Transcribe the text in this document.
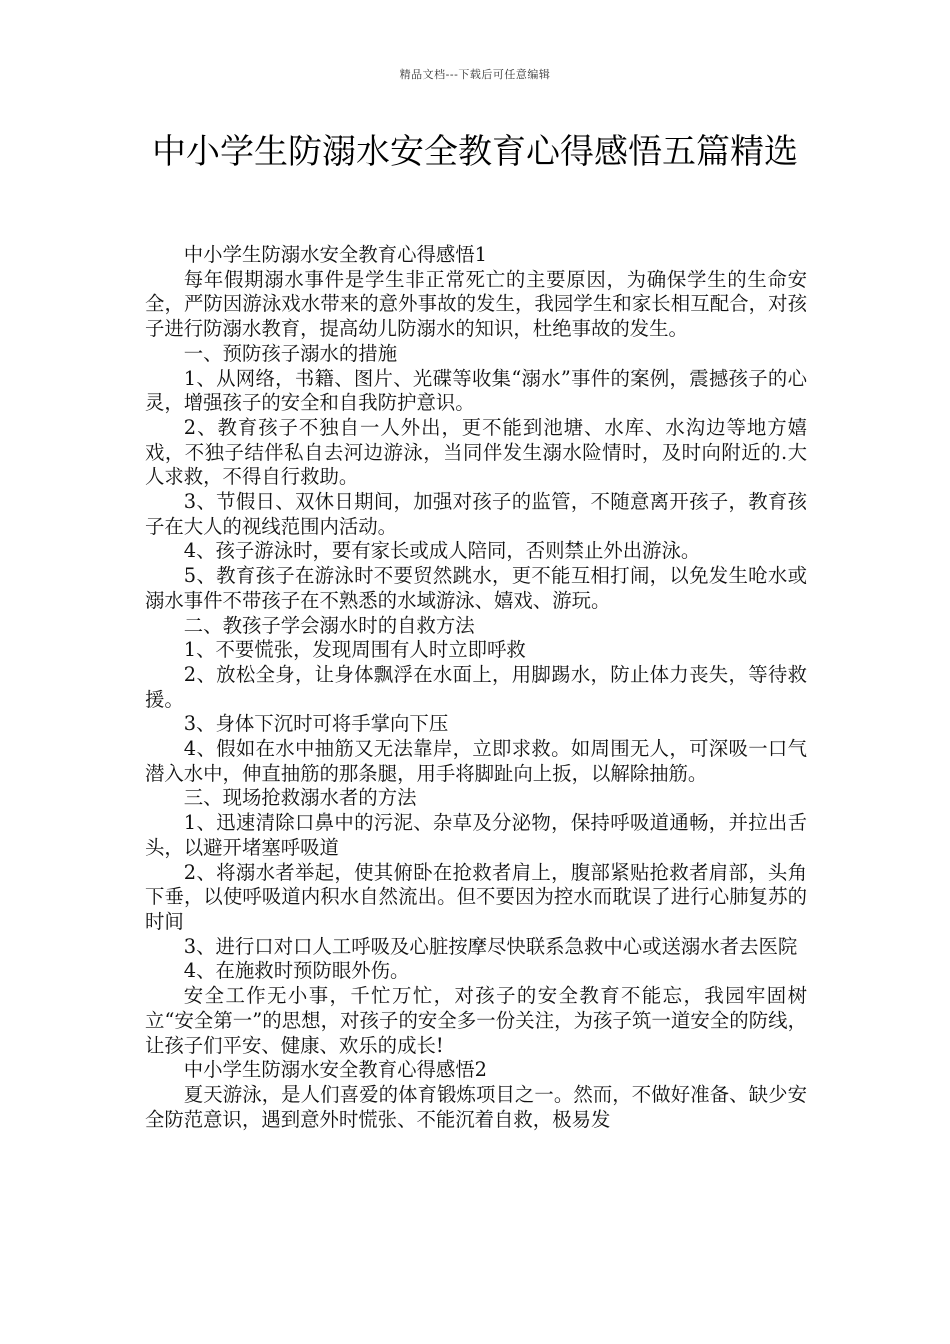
精品文档---下载后可任意编辑
中小学生防溺水安全教育心得感悟五篇精选

中小学生防溺水安全教育心得感悟1

每年假期溺水事件是学生非正常死亡的主要原因，为确保学生的生命安全，严防因游泳戏水带来的意外事故的发生，我园学生和家长相互配合，对孩子进行防溺水教育，提高幼儿防溺水的知识，杜绝事故的发生。

一、预防孩子溺水的措施

1、从网络，书籍、图片、光碟等收集“溺水”事件的案例，震撼孩子的心灵，增强孩子的安全和自我防护意识。

2、教育孩子不独自一人外出，更不能到池塘、水库、水沟边等地方嬉戏，不独子结伴私自去河边游泳，当同伴发生溺水险情时，及时向附近的.大人求救，不得自行救助。

3、节假日、双休日期间，加强对孩子的监管，不随意离开孩子，教育孩子在大人的视线范围内活动。

4、孩子游泳时，要有家长或成人陪同，否则禁止外出游泳。

5、教育孩子在游泳时不要贸然跳水，更不能互相打闹，以免发生呛水或溺水事件不带孩子在不熟悉的水域游泳、嬉戏、游玩。

二、教孩子学会溺水时的自救方法

1、不要慌张，发现周围有人时立即呼救

2、放松全身，让身体飘浮在水面上，用脚踢水，防止体力丧失，等待救援。

3、身体下沉时可将手掌向下压

4、假如在水中抽筋又无法靠岸，立即求救。如周围无人，可深吸一口气潜入水中，伸直抽筋的那条腿，用手将脚趾向上扳，以解除抽筋。

三、现场抢救溺水者的方法

1、迅速清除口鼻中的污泥、杂草及分泌物，保持呼吸道通畅，并拉出舌头，以避开堵塞呼吸道

2、将溺水者举起，使其俯卧在抢救者肩上，腹部紧贴抢救者肩部，头角下垂，以使呼吸道内积水自然流出。但不要因为控水而耽误了进行心肺复苏的时间

3、进行口对口人工呼吸及心脏按摩尽快联系急救中心或送溺水者去医院

4、在施救时预防眼外伤。

安全工作无小事，千忙万忙，对孩子的安全教育不能忘，我园牢固树立“安全第一”的思想，对孩子的安全多一份关注，为孩子筑一道安全的防线，让孩子们平安、健康、欢乐的成长!

中小学生防溺水安全教育心得感悟2

夏天游泳，是人们喜爱的体育锻炼项目之一。然而，不做好准备、缺少安全防范意识，遇到意外时慌张、不能沉着自救，极易发
